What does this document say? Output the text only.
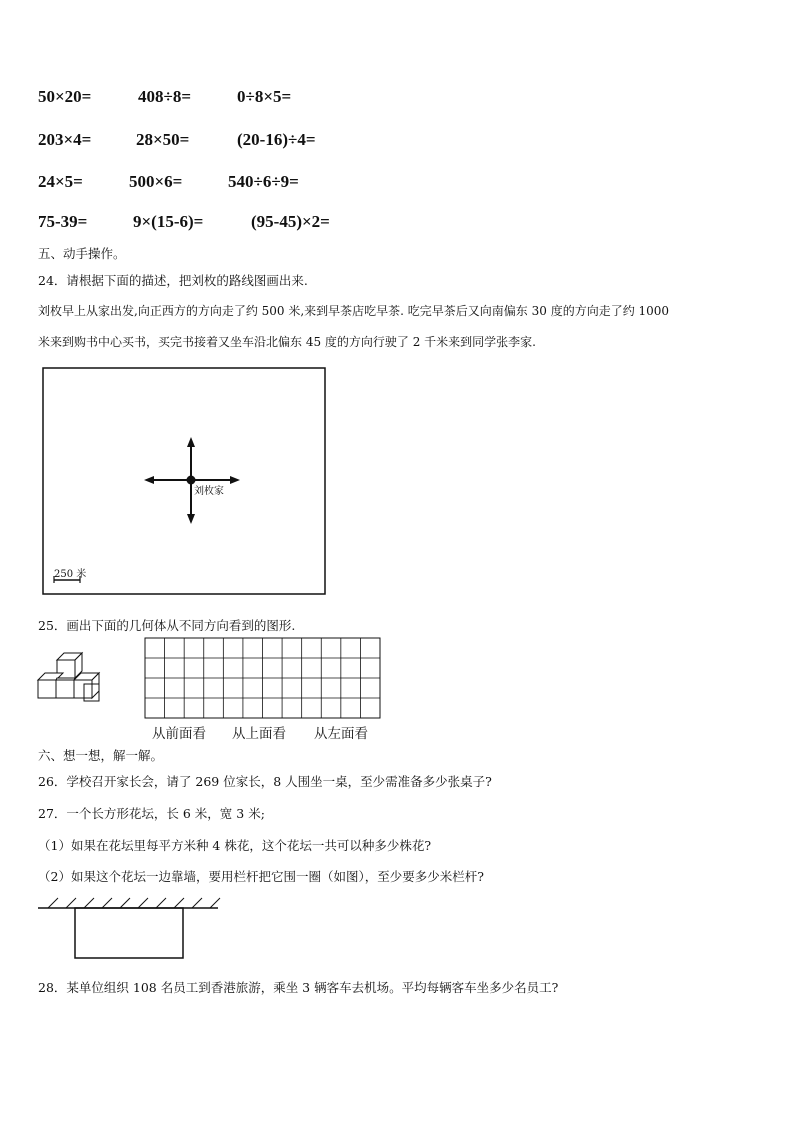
50×20=	408÷8=	0÷8×5=
203×4=	28×50=	(20-16)÷4=
24×5=	500×6=	540÷6÷9=
75-39=	9×(15-6)=	(95-45)×2=
五、动手操作。
24．请根据下面的描述，把刘枚的路线图画出来.
刘枚早上从家出发,向正西方的方向走了约 500 米,来到早茶店吃早茶. 吃完早茶后又向南偏东 30 度的方向走了约 1000
米来到购书中心买书，买完书接着又坐车沿北偏东 45 度的方向行驶了 2 千米来到同学张李家.
刘枚家
250 米
25．画出下面的几何体从不同方向看到的图形.
从前面看 从上面看 从左面看
六、想一想，解一解。
26．学校召开家长会，请了 269 位家长，8 人围坐一桌，至少需准备多少张桌子?
27．一个长方形花坛，长 6 米，宽 3 米;
（1）如果在花坛里每平方米种 4 株花，这个花坛一共可以种多少株花?
（2）如果这个花坛一边靠墙，要用栏杆把它围一圈（如图），至少要多少米栏杆?
28．某单位组织 108 名员工到香港旅游，乘坐 3 辆客车去机场。平均每辆客车坐多少名员工?
